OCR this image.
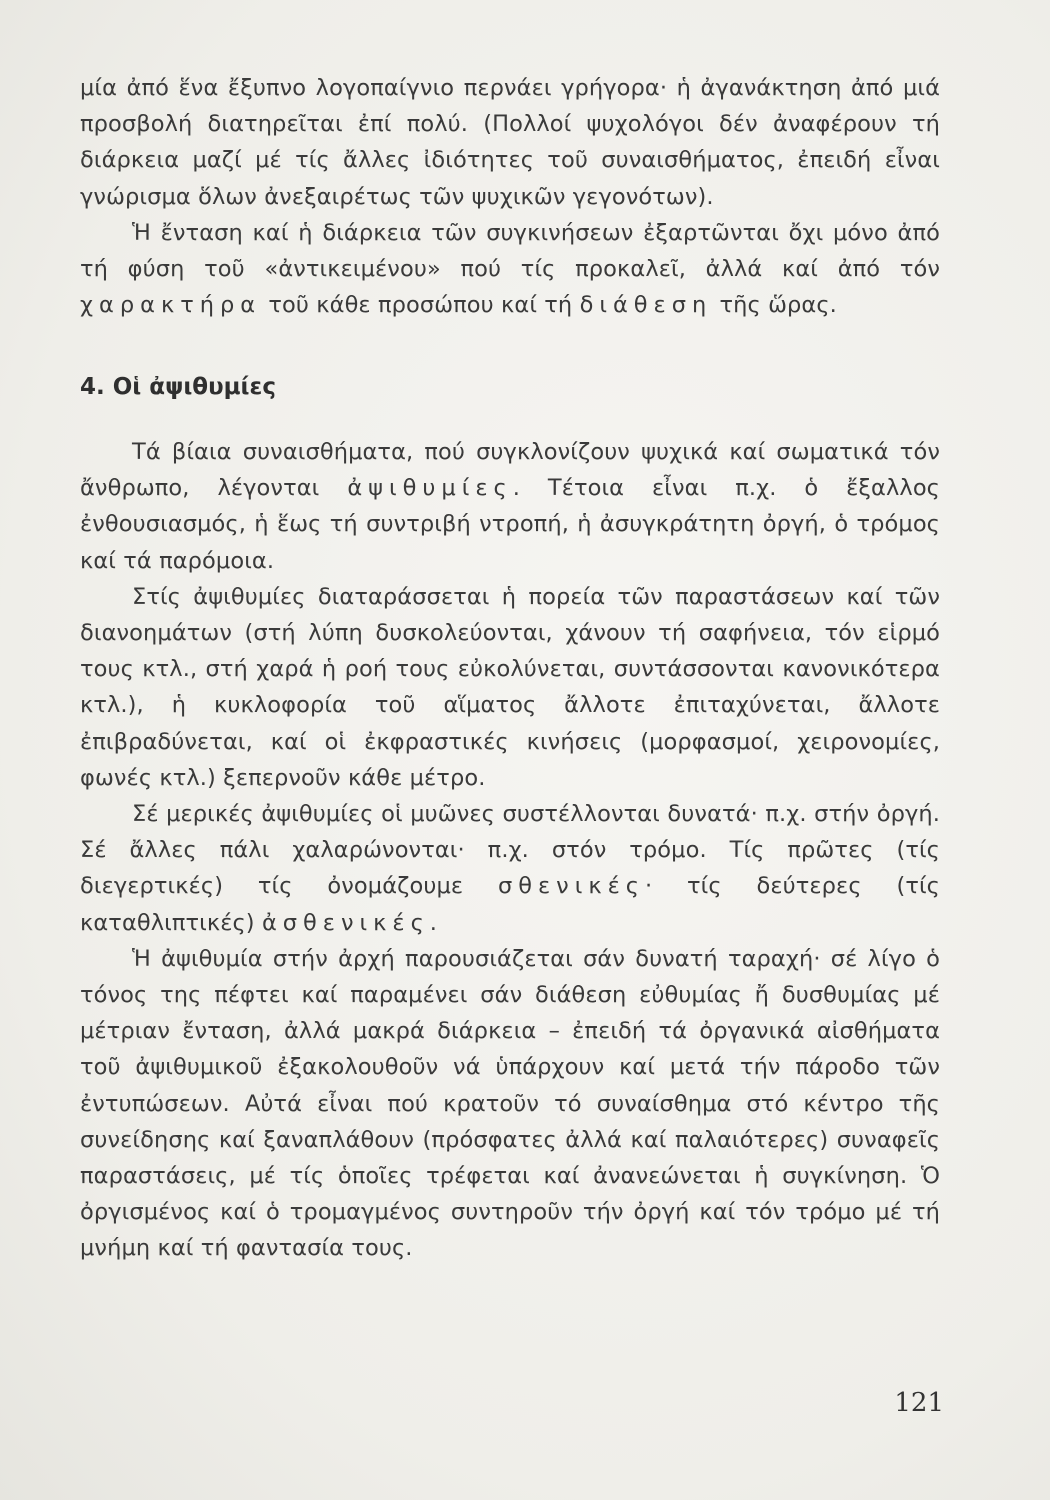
μία ἀπό ἕνα ἔξυπνο λογοπαίγνιο περνάει γρήγορα· ἡ ἀγανάκτηση ἀπό μιά προσβολή διατηρεῖται ἐπί πολύ. (Πολλοί ψυχολόγοι δέν ἀναφέρουν τή διάρκεια μαζί μέ τίς ἄλλες ἰδιότητες τοῦ συναισθήματος, ἐπειδή εἶναι γνώρισμα ὅλων ἀνεξαιρέτως τῶν ψυχικῶν γεγονότων).

Ἡ ἔνταση καί ἡ διάρκεια τῶν συγκινήσεων ἐξαρτῶνται ὄχι μόνο ἀπό τή φύση τοῦ «ἀντικειμένου» πού τίς προκαλεῖ, ἀλλά καί ἀπό τόν χαρακτήρα τοῦ κάθε προσώπου καί τή διάθεση τῆς ὥρας.

4. Οἱ ἀψιθυμίες

Τά βίαια συναισθήματα, πού συγκλονίζουν ψυχικά καί σωματικά τόν ἄνθρωπο, λέγονται ἀψιθυμίες. Τέτοια εἶναι π.χ. ὁ ἔξαλλος ἐνθουσιασμός, ἡ ἕως τή συντριβή ντροπή, ἡ ἀσυγκράτητη ὀργή, ὁ τρόμος καί τά παρόμοια.

Στίς ἀψιθυμίες διαταράσσεται ἡ πορεία τῶν παραστάσεων καί τῶν διανοημάτων (στή λύπη δυσκολεύονται, χάνουν τή σαφήνεια, τόν εἱρμό τους κτλ., στή χαρά ἡ ροή τους εὐκολύνεται, συντάσσονται κανονικότερα κτλ.), ἡ κυκλοφορία τοῦ αἵματος ἄλλοτε ἐπιταχύνεται, ἄλλοτε ἐπιβραδύνεται, καί οἱ ἐκφραστικές κινήσεις (μορφασμοί, χειρονομίες, φωνές κτλ.) ξεπερνοῦν κάθε μέτρο.

Σέ μερικές ἀψιθυμίες οἱ μυῶνες συστέλλονται δυνατά· π.χ. στήν ὀργή. Σέ ἄλλες πάλι χαλαρώνονται· π.χ. στόν τρόμο. Τίς πρῶτες (τίς διεγερτικές) τίς ὀνομάζουμε σθενικές· τίς δεύτερες (τίς καταθλιπτικές) ἀσθενικές.

Ἡ ἀψιθυμία στήν ἀρχή παρουσιάζεται σάν δυνατή ταραχή· σέ λίγο ὁ τόνος της πέφτει καί παραμένει σάν διάθεση εὐθυμίας ἤ δυσθυμίας μέ μέτριαν ἔνταση, ἀλλά μακρά διάρκεια – ἐπειδή τά ὀργανικά αἰσθήματα τοῦ ἀψιθυμικοῦ ἐξακολουθοῦν νά ὑπάρχουν καί μετά τήν πάροδο τῶν ἐντυπώσεων. Αὐτά εἶναι πού κρατοῦν τό συναίσθημα στό κέντρο τῆς συνείδησης καί ξαναπλάθουν (πρόσφατες ἀλλά καί παλαιότερες) συναφεῖς παραστάσεις, μέ τίς ὁποῖες τρέφεται καί ἀνανεώνεται ἡ συγκίνηση. Ὁ ὀργισμένος καί ὁ τρομαγμένος συντηροῦν τήν ὀργή καί τόν τρόμο μέ τή μνήμη καί τή φαντασία τους.

121
